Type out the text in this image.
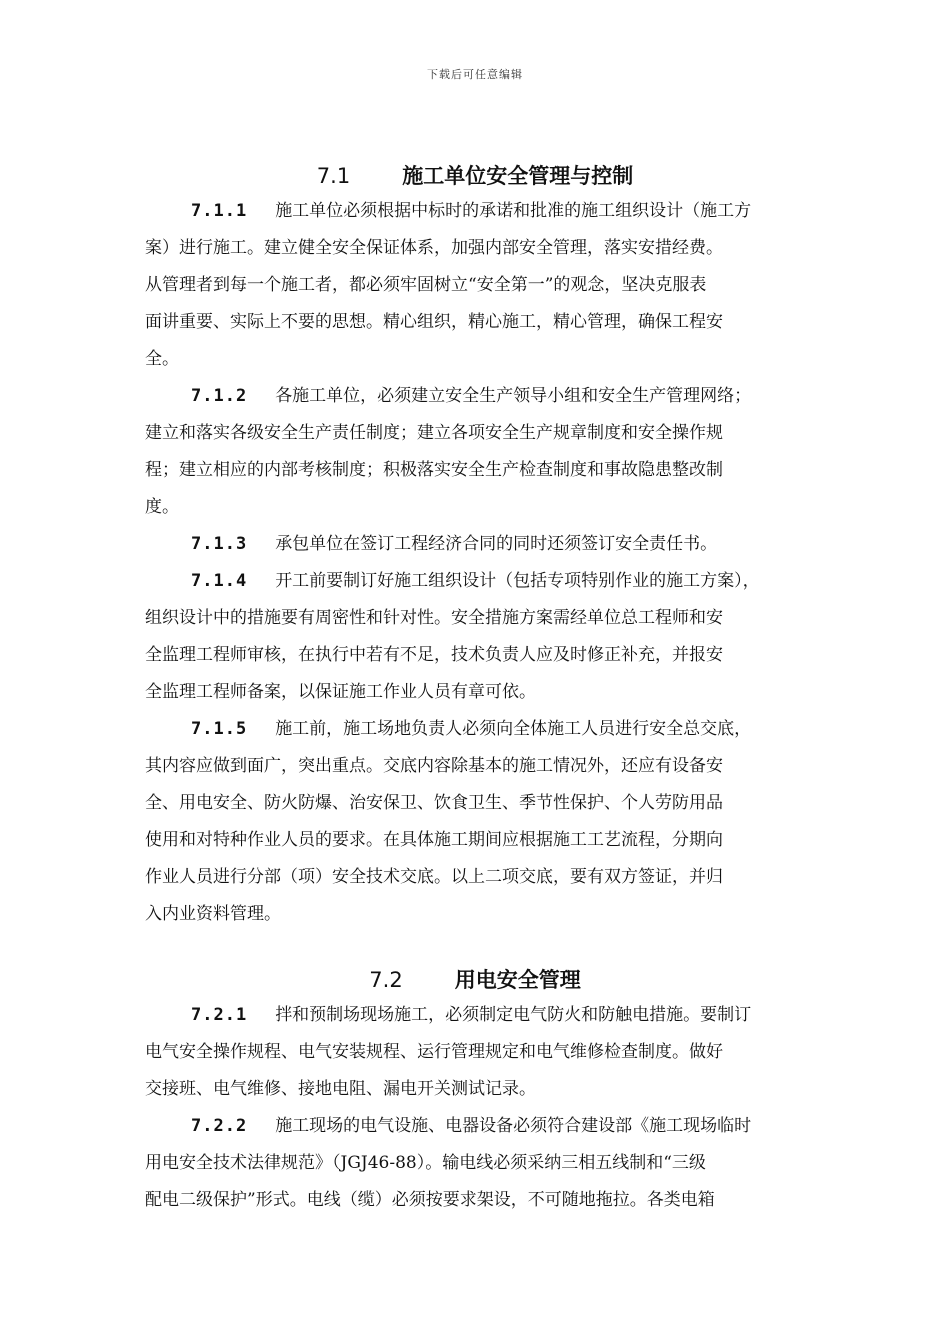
下载后可任意编辑
7.1 施工单位安全管理与控制
7.1.1 施工单位必须根据中标时的承诺和批准的施工组织设计（施工方
案）进行施工。建立健全安全保证体系，加强内部安全管理，落实安措经费。
从管理者到每一个施工者，都必须牢固树立“安全第一”的观念，坚决克服表
面讲重要、实际上不要的思想。精心组织，精心施工，精心管理，确保工程安
全。
7.1.2 各施工单位，必须建立安全生产领导小组和安全生产管理网络；
建立和落实各级安全生产责任制度；建立各项安全生产规章制度和安全操作规
程；建立相应的内部考核制度；积极落实安全生产检查制度和事故隐患整改制
度。
7.1.3 承包单位在签订工程经济合同的同时还须签订安全责任书。
7.1.4 开工前要制订好施工组织设计（包括专项特别作业的施工方案），
组织设计中的措施要有周密性和针对性。安全措施方案需经单位总工程师和安
全监理工程师审核，在执行中若有不足，技术负责人应及时修正补充，并报安
全监理工程师备案，以保证施工作业人员有章可依。
7.1.5 施工前，施工场地负责人必须向全体施工人员进行安全总交底，
其内容应做到面广，突出重点。交底内容除基本的施工情况外，还应有设备安
全、用电安全、防火防爆、治安保卫、饮食卫生、季节性保护、个人劳防用品
使用和对特种作业人员的要求。在具体施工期间应根据施工工艺流程，分期向
作业人员进行分部（项）安全技术交底。以上二项交底，要有双方签证，并归
入内业资料管理。
7.2 用电安全管理
7.2.1 拌和预制场现场施工，必须制定电气防火和防触电措施。要制订
电气安全操作规程、电气安装规程、运行管理规定和电气维修检查制度。做好
交接班、电气维修、接地电阻、漏电开关测试记录。
7.2.2 施工现场的电气设施、电器设备必须符合建设部《施工现场临时
用电安全技术法律规范》（JGJ46-88）。输电线必须采纳三相五线制和“三级
配电二级保护”形式。电线（缆）必须按要求架设，不可随地拖拉。各类电箱
